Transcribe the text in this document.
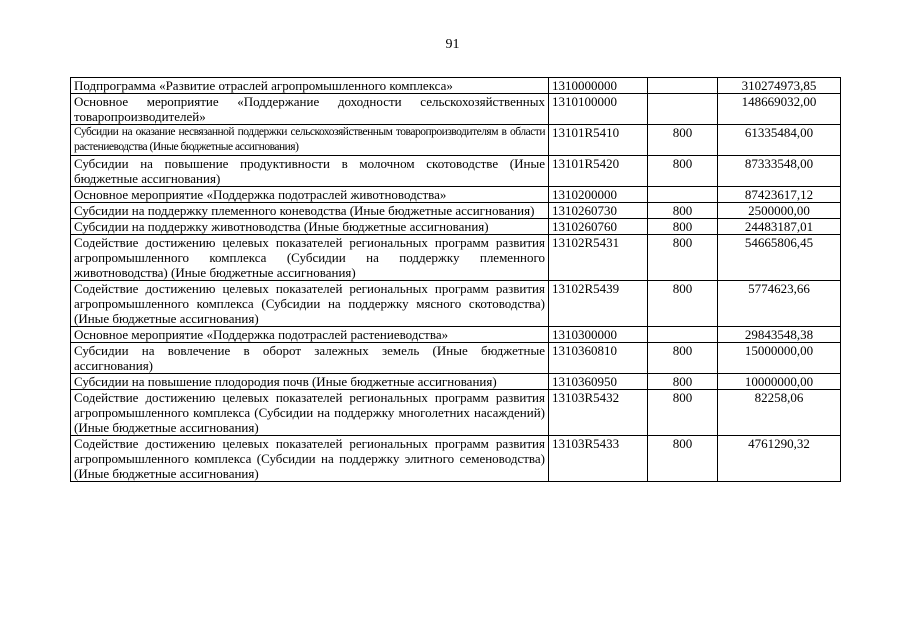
91
Подпрограмма «Развитие отраслей агропромышленного комплекса»	1310000000		310274973,85
Основное мероприятие «Поддержание доходности сельскохозяйственных товаропроизводителей»	1310100000		148669032,00
Субсидии на оказание несвязанной поддержки сельскохозяйственным товаропроизводителям в области растениеводства (Иные бюджетные ассигнования)	13101R5410	800	61335484,00
Субсидии на повышение продуктивности в молочном скотоводстве (Иные бюджетные ассигнования)	13101R5420	800	87333548,00
Основное мероприятие «Поддержка подотраслей животноводства»	1310200000		87423617,12
Субсидии на поддержку племенного коневодства (Иные бюджетные ассигнования)	1310260730	800	2500000,00
Субсидии на поддержку животноводства (Иные бюджетные ассигнования)	1310260760	800	24483187,01
Содействие достижению целевых показателей региональных программ развития агропромышленного комплекса (Субсидии на поддержку племенного животноводства) (Иные бюджетные ассигнования)	13102R5431	800	54665806,45
Содействие достижению целевых показателей региональных программ развития агропромышленного комплекса (Субсидии на поддержку мясного скотоводства) (Иные бюджетные ассигнования)	13102R5439	800	5774623,66
Основное мероприятие «Поддержка подотраслей растениеводства»	1310300000		29843548,38
Субсидии на вовлечение в оборот залежных земель (Иные бюджетные ассигнования)	1310360810	800	15000000,00
Субсидии на повышение плодородия почв (Иные бюджетные ассигнования)	1310360950	800	10000000,00
Содействие достижению целевых показателей региональных программ развития агропромышленного комплекса (Субсидии на поддержку многолетних насаждений) (Иные бюджетные ассигнования)	13103R5432	800	82258,06
Содействие достижению целевых показателей региональных программ развития агропромышленного комплекса (Субсидии на поддержку элитного семеноводства) (Иные бюджетные ассигнования)	13103R5433	800	4761290,32
